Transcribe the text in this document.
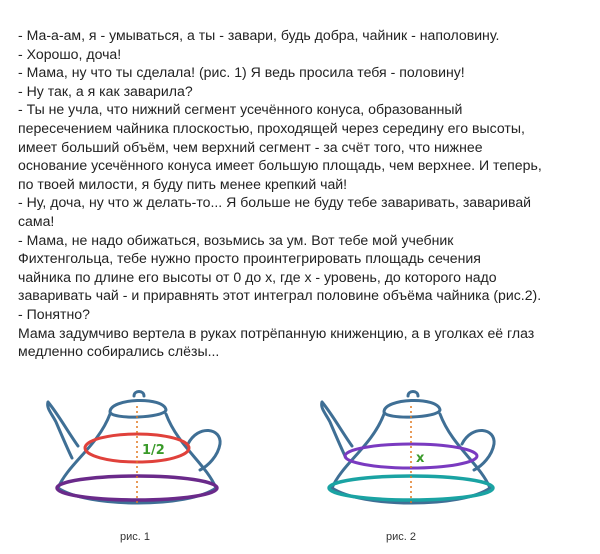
- Ма-а-ам, я - умываться, а ты - завари, будь добра, чайник - наполовину.
- Хорошо, доча!
- Мама, ну что ты сделала! (рис. 1) Я ведь просила тебя - половину!
- Ну так, а я как заварила?
- Ты не учла, что нижний сегмент усечённого конуса, образованный
пересечением чайника плоскостью, проходящей через середину его высоты,
имеет больший объём, чем верхний сегмент - за счёт того, что нижнее
основание усечённого конуса имеет большую площадь, чем верхнее. И теперь,
по твоей милости, я буду пить менее крепкий чай!
- Ну, доча, ну что ж делать-то... Я больше не буду тебе заваривать, заваривай
сама!
- Мама, не надо обижаться, возьмись за ум. Вот тебе мой учебник
Фихтенгольца, тебе нужно просто проинтегрировать площадь сечения
чайника по длине его высоты от 0 до х, где х - уровень, до которого надо
заваривать чай - и приравнять этот интеграл половине объёма чайника (рис.2).
- Понятно?
Мама задумчиво вертела в руках потрёпанную книженцию, а в уголках её глаз
медленно собирались слёзы...
1/2
рис. 1
x
рис. 2
